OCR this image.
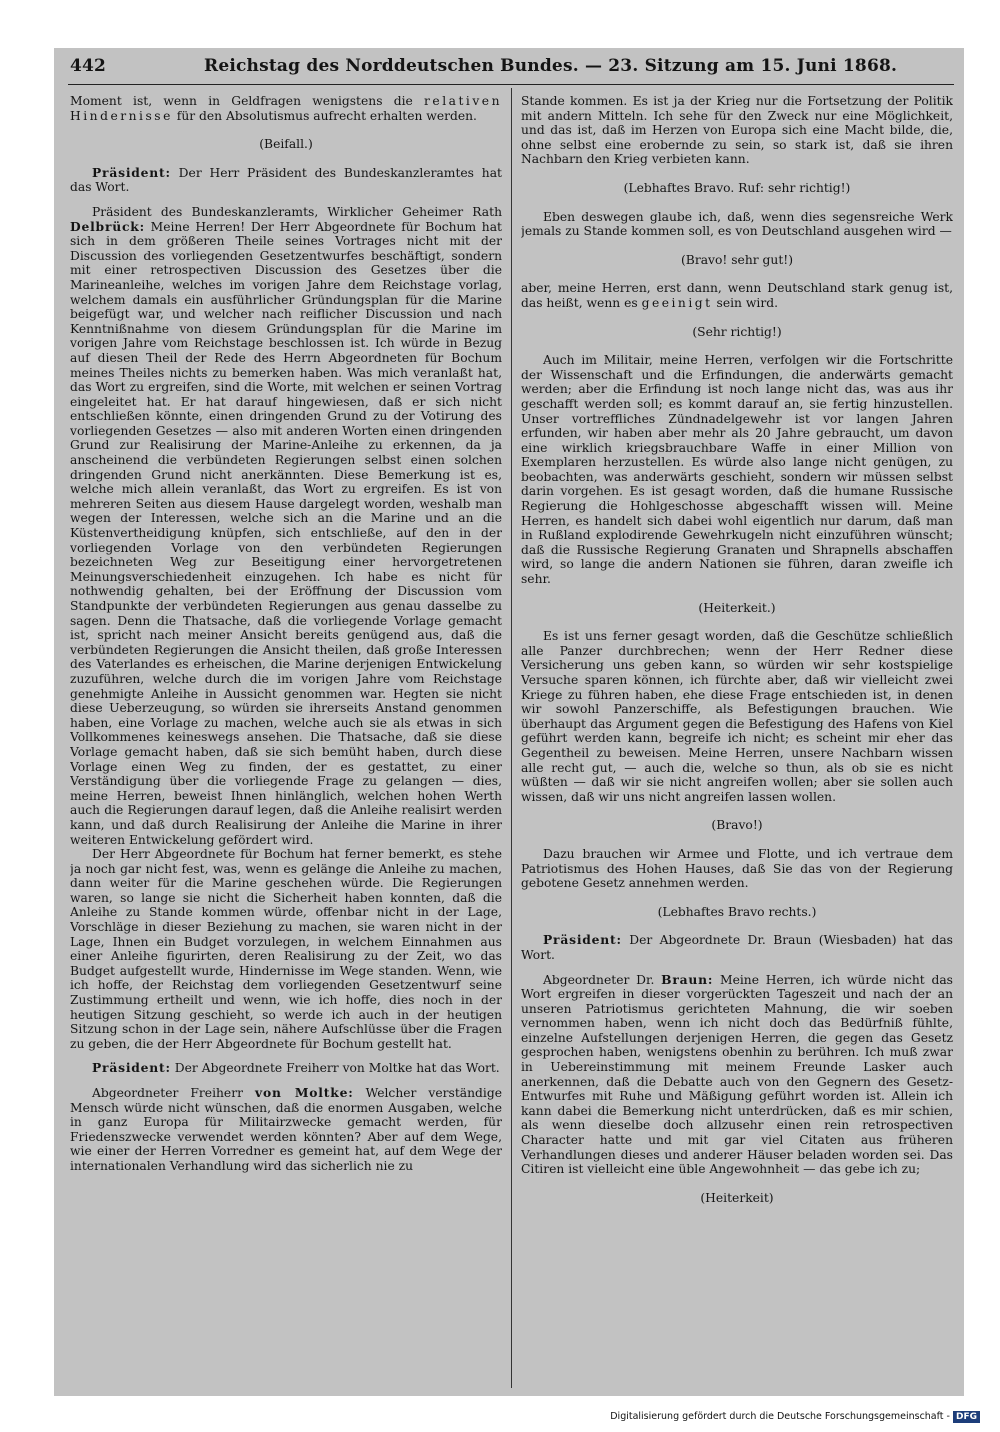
442	Reichstag des Norddeutschen Bundes. — 23. Sitzung am 15. Juni 1868.

Moment ist, wenn in Geldfragen wenigstens die relativen Hindernisse für den Absolutismus aufrecht erhalten werden.

(Beifall.)

Präsident: Der Herr Präsident des Bundeskanzleramtes hat das Wort.

Präsident des Bundeskanzleramts, Wirklicher Geheimer Rath Delbrück: Meine Herren! Der Herr Abgeordnete für Bochum hat sich in dem größeren Theile seines Vortrages nicht mit der Discussion des vorliegenden Gesetzentwurfes beschäftigt, sondern mit einer retrospectiven Discussion des Gesetzes über die Marineanleihe, welches im vorigen Jahre dem Reichstage vorlag, welchem damals ein ausführlicher Gründungsplan für die Marine beigefügt war, und welcher nach reiflicher Discussion und nach Kenntnißnahme von diesem Gründungsplan für die Marine im vorigen Jahre vom Reichstage beschlossen ist. Ich würde in Bezug auf diesen Theil der Rede des Herrn Abgeordneten für Bochum meines Theiles nichts zu bemerken haben. Was mich veranlaßt hat, das Wort zu ergreifen, sind die Worte, mit welchen er seinen Vortrag eingeleitet hat. Er hat darauf hingewiesen, daß er sich nicht entschließen könnte, einen dringenden Grund zu der Votirung des vorliegenden Gesetzes — also mit anderen Worten einen dringenden Grund zur Realisirung der Marine-Anleihe zu erkennen, da ja anscheinend die verbündeten Regierungen selbst einen solchen dringenden Grund nicht anerkännten. Diese Bemerkung ist es, welche mich allein veranlaßt, das Wort zu ergreifen. Es ist von mehreren Seiten aus diesem Hause dargelegt worden, weshalb man wegen der Interessen, welche sich an die Marine und an die Küstenvertheidigung knüpfen, sich entschließe, auf den in der vorliegenden Vorlage von den verbündeten Regierungen bezeichneten Weg zur Beseitigung einer hervorgetretenen Meinungsverschiedenheit einzugehen. Ich habe es nicht für nothwendig gehalten, bei der Eröffnung der Discussion vom Standpunkte der verbündeten Regierungen aus genau dasselbe zu sagen. Denn die Thatsache, daß die vorliegende Vorlage gemacht ist, spricht nach meiner Ansicht bereits genügend aus, daß die verbündeten Regierungen die Ansicht theilen, daß große Interessen des Vaterlandes es erheischen, die Marine derjenigen Entwickelung zuzuführen, welche durch die im vorigen Jahre vom Reichstage genehmigte Anleihe in Aussicht genommen war. Hegten sie nicht diese Ueberzeugung, so würden sie ihrerseits Anstand genommen haben, eine Vorlage zu machen, welche auch sie als etwas in sich Vollkommenes keineswegs ansehen. Die Thatsache, daß sie diese Vorlage gemacht haben, daß sie sich bemüht haben, durch diese Vorlage einen Weg zu finden, der es gestattet, zu einer Verständigung über die vorliegende Frage zu gelangen — dies, meine Herren, beweist Ihnen hinlänglich, welchen hohen Werth auch die Regierungen darauf legen, daß die Anleihe realisirt werden kann, und daß durch Realisirung der Anleihe die Marine in ihrer weiteren Entwickelung gefördert wird.

Der Herr Abgeordnete für Bochum hat ferner bemerkt, es stehe ja noch gar nicht fest, was, wenn es gelänge die Anleihe zu machen, dann weiter für die Marine geschehen würde. Die Regierungen waren, so lange sie nicht die Sicherheit haben konnten, daß die Anleihe zu Stande kommen würde, offenbar nicht in der Lage, Vorschläge in dieser Beziehung zu machen, sie waren nicht in der Lage, Ihnen ein Budget vorzulegen, in welchem Einnahmen aus einer Anleihe figurirten, deren Realisirung zu der Zeit, wo das Budget aufgestellt wurde, Hindernisse im Wege standen. Wenn, wie ich hoffe, der Reichstag dem vorliegenden Gesetzentwurf seine Zustimmung ertheilt und wenn, wie ich hoffe, dies noch in der heutigen Sitzung geschieht, so werde ich auch in der heutigen Sitzung schon in der Lage sein, nähere Aufschlüsse über die Fragen zu geben, die der Herr Abgeordnete für Bochum gestellt hat.

Präsident: Der Abgeordnete Freiherr von Moltke hat das Wort.

Abgeordneter Freiherr von Moltke: Welcher verständige Mensch würde nicht wünschen, daß die enormen Ausgaben, welche in ganz Europa für Militairzwecke gemacht werden, für Friedenszwecke verwendet werden könnten? Aber auf dem Wege, wie einer der Herren Vorredner es gemeint hat, auf dem Wege der internationalen Verhandlung wird das sicherlich nie zu

Stande kommen. Es ist ja der Krieg nur die Fortsetzung der Politik mit andern Mitteln. Ich sehe für den Zweck nur eine Möglichkeit, und das ist, daß im Herzen von Europa sich eine Macht bilde, die, ohne selbst eine erobernde zu sein, so stark ist, daß sie ihren Nachbarn den Krieg verbieten kann.

(Lebhaftes Bravo. Ruf: sehr richtig!)

Eben deswegen glaube ich, daß, wenn dies segensreiche Werk jemals zu Stande kommen soll, es von Deutschland ausgehen wird —

(Bravo! sehr gut!)

aber, meine Herren, erst dann, wenn Deutschland stark genug ist, das heißt, wenn es geeinigt sein wird.

(Sehr richtig!)

Auch im Militair, meine Herren, verfolgen wir die Fortschritte der Wissenschaft und die Erfindungen, die anderwärts gemacht werden; aber die Erfindung ist noch lange nicht das, was aus ihr geschafft werden soll; es kommt darauf an, sie fertig hinzustellen. Unser vortreffliches Zündnadelgewehr ist vor langen Jahren erfunden, wir haben aber mehr als 20 Jahre gebraucht, um davon eine wirklich kriegsbrauchbare Waffe in einer Million von Exemplaren herzustellen. Es würde also lange nicht genügen, zu beobachten, was anderwärts geschieht, sondern wir müssen selbst darin vorgehen. Es ist gesagt worden, daß die humane Russische Regierung die Hohlgeschosse abgeschafft wissen will. Meine Herren, es handelt sich dabei wohl eigentlich nur darum, daß man in Rußland explodirende Gewehrkugeln nicht einzuführen wünscht; daß die Russische Regierung Granaten und Shrapnells abschaffen wird, so lange die andern Nationen sie führen, daran zweifle ich sehr.

(Heiterkeit.)

Es ist uns ferner gesagt worden, daß die Geschütze schließlich alle Panzer durchbrechen; wenn der Herr Redner diese Versicherung uns geben kann, so würden wir sehr kostspielige Versuche sparen können, ich fürchte aber, daß wir vielleicht zwei Kriege zu führen haben, ehe diese Frage entschieden ist, in denen wir sowohl Panzerschiffe, als Befestigungen brauchen. Wie überhaupt das Argument gegen die Befestigung des Hafens von Kiel geführt werden kann, begreife ich nicht; es scheint mir eher das Gegentheil zu beweisen. Meine Herren, unsere Nachbarn wissen alle recht gut, — auch die, welche so thun, als ob sie es nicht wüßten — daß wir sie nicht angreifen wollen; aber sie sollen auch wissen, daß wir uns nicht angreifen lassen wollen.

(Bravo!)

Dazu brauchen wir Armee und Flotte, und ich vertraue dem Patriotismus des Hohen Hauses, daß Sie das von der Regierung gebotene Gesetz annehmen werden.

(Lebhaftes Bravo rechts.)

Präsident: Der Abgeordnete Dr. Braun (Wiesbaden) hat das Wort.

Abgeordneter Dr. Braun: Meine Herren, ich würde nicht das Wort ergreifen in dieser vorgerückten Tageszeit und nach der an unseren Patriotismus gerichteten Mahnung, die wir soeben vernommen haben, wenn ich nicht doch das Bedürfniß fühlte, einzelne Aufstellungen derjenigen Herren, die gegen das Gesetz gesprochen haben, wenigstens obenhin zu berühren. Ich muß zwar in Uebereinstimmung mit meinem Freunde Lasker auch anerkennen, daß die Debatte auch von den Gegnern des Gesetz-Entwurfes mit Ruhe und Mäßigung geführt worden ist. Allein ich kann dabei die Bemerkung nicht unterdrücken, daß es mir schien, als wenn dieselbe doch allzusehr einen rein retrospectiven Character hatte und mit gar viel Citaten aus früheren Verhandlungen dieses und anderer Häuser beladen worden sei. Das Citiren ist vielleicht eine üble Angewohnheit — das gebe ich zu;

(Heiterkeit)

Digitalisierung gefördert durch die Deutsche Forschungsgemeinschaft - DFG
